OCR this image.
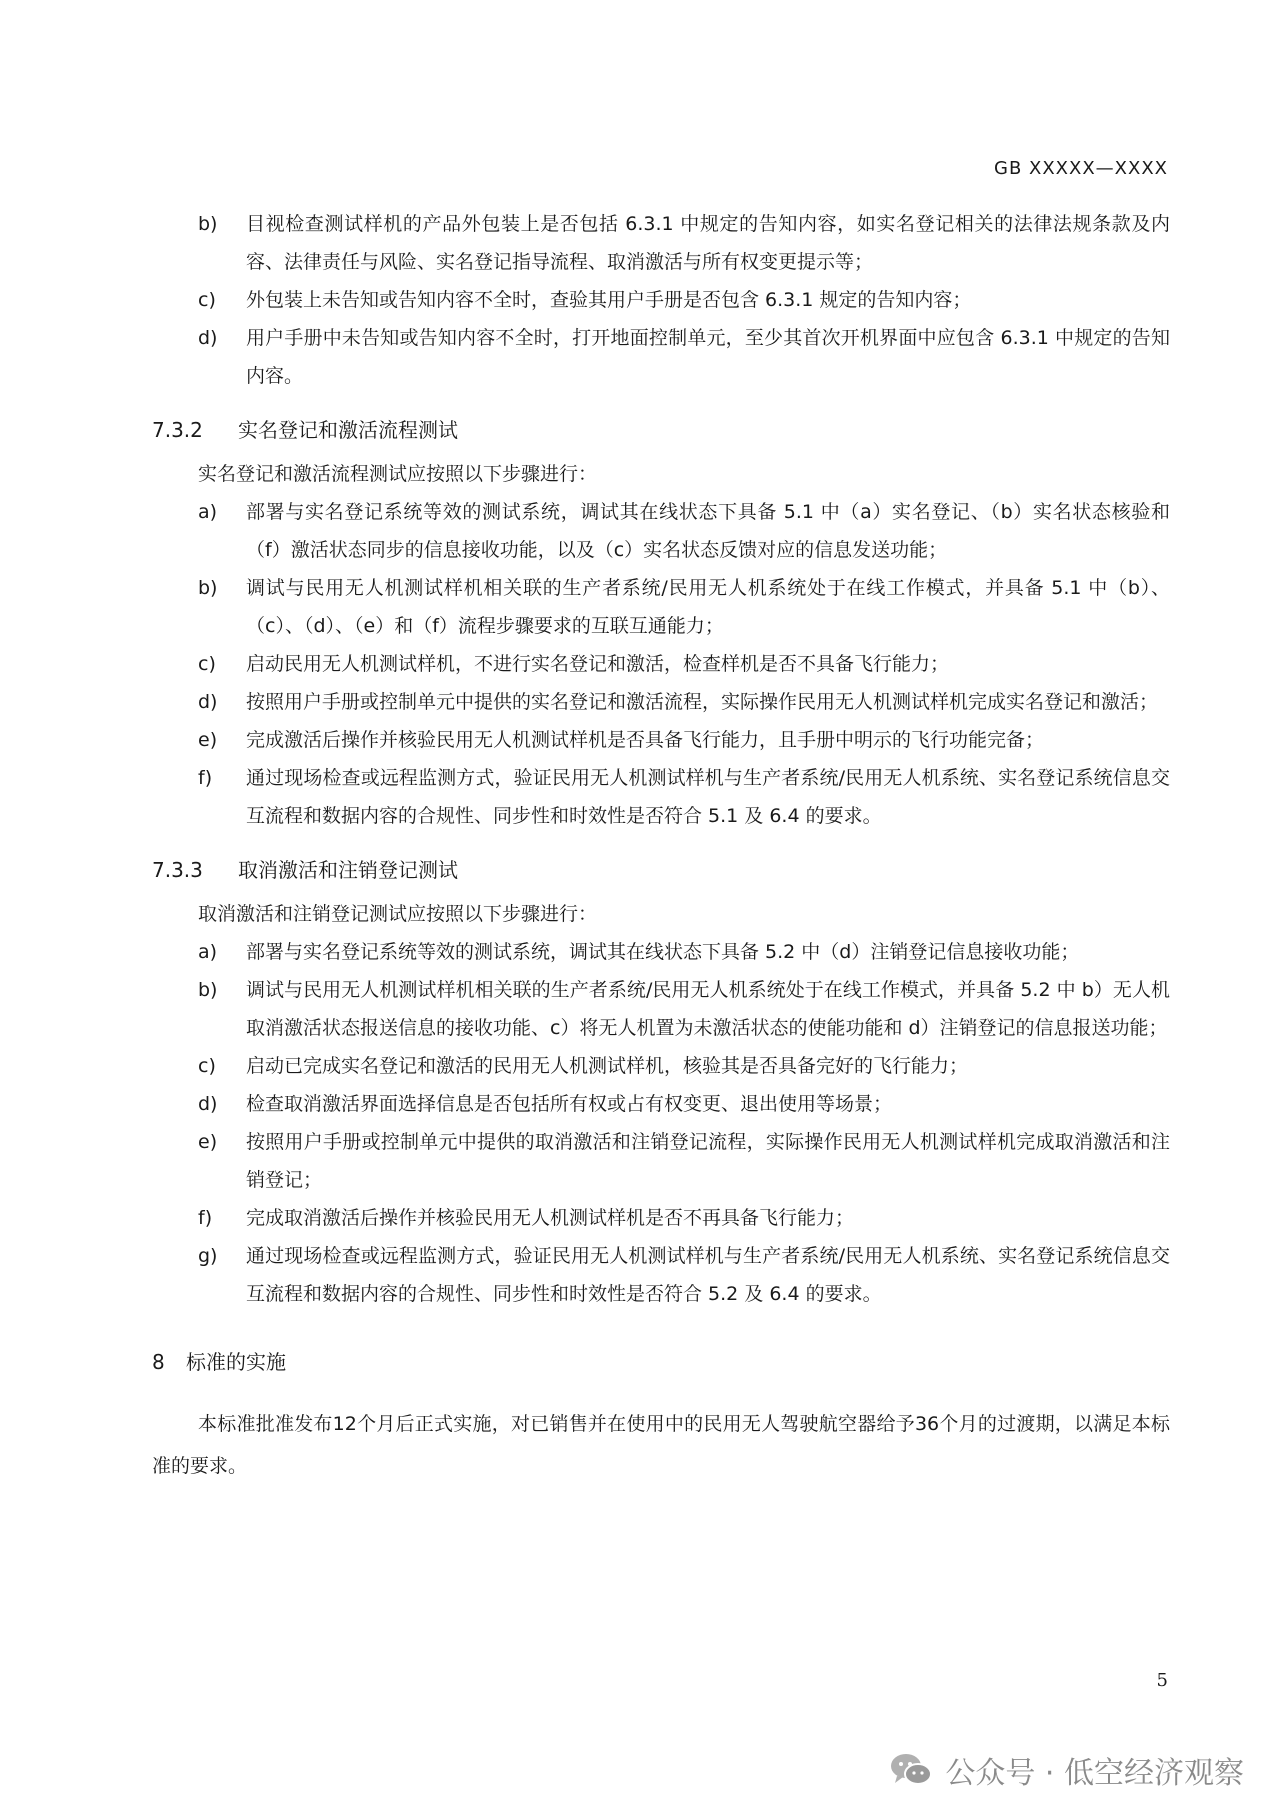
GB XXXXX—XXXX
b)	目视检查测试样机的产品外包装上是否包括 6.3.1 中规定的告知内容，如实名登记相关的法律法规条款及内容、法律责任与风险、实名登记指导流程、取消激活与所有权变更提示等；
c)	外包装上未告知或告知内容不全时，查验其用户手册是否包含 6.3.1 规定的告知内容；
d)	用户手册中未告知或告知内容不全时，打开地面控制单元，至少其首次开机界面中应包含 6.3.1 中规定的告知内容。
7.3.2	实名登记和激活流程测试
实名登记和激活流程测试应按照以下步骤进行：
a)	部署与实名登记系统等效的测试系统，调试其在线状态下具备 5.1 中（a）实名登记、（b）实名状态核验和（f）激活状态同步的信息接收功能，以及（c）实名状态反馈对应的信息发送功能；
b)	调试与民用无人机测试样机相关联的生产者系统/民用无人机系统处于在线工作模式，并具备 5.1 中（b）、（c）、（d）、（e）和（f）流程步骤要求的互联互通能力；
c)	启动民用无人机测试样机，不进行实名登记和激活，检查样机是否不具备飞行能力；
d)	按照用户手册或控制单元中提供的实名登记和激活流程，实际操作民用无人机测试样机完成实名登记和激活；
e)	完成激活后操作并核验民用无人机测试样机是否具备飞行能力，且手册中明示的飞行功能完备；
f)	通过现场检查或远程监测方式，验证民用无人机测试样机与生产者系统/民用无人机系统、实名登记系统信息交互流程和数据内容的合规性、同步性和时效性是否符合 5.1 及 6.4 的要求。
7.3.3	取消激活和注销登记测试
取消激活和注销登记测试应按照以下步骤进行：
a)	部署与实名登记系统等效的测试系统，调试其在线状态下具备 5.2 中（d）注销登记信息接收功能；
b)	调试与民用无人机测试样机相关联的生产者系统/民用无人机系统处于在线工作模式，并具备 5.2 中 b）无人机取消激活状态报送信息的接收功能、c）将无人机置为未激活状态的使能功能和 d）注销登记的信息报送功能；
c)	启动已完成实名登记和激活的民用无人机测试样机，核验其是否具备完好的飞行能力；
d)	检查取消激活界面选择信息是否包括所有权或占有权变更、退出使用等场景；
e)	按照用户手册或控制单元中提供的取消激活和注销登记流程，实际操作民用无人机测试样机完成取消激活和注销登记；
f)	完成取消激活后操作并核验民用无人机测试样机是否不再具备飞行能力；
g)	通过现场检查或远程监测方式，验证民用无人机测试样机与生产者系统/民用无人机系统、实名登记系统信息交互流程和数据内容的合规性、同步性和时效性是否符合 5.2 及 6.4 的要求。
8	标准的实施
本标准批准发布12个月后正式实施，对已销售并在使用中的民用无人驾驶航空器给予36个月的过渡期，以满足本标准的要求。
5
公众号 · 低空经济观察
